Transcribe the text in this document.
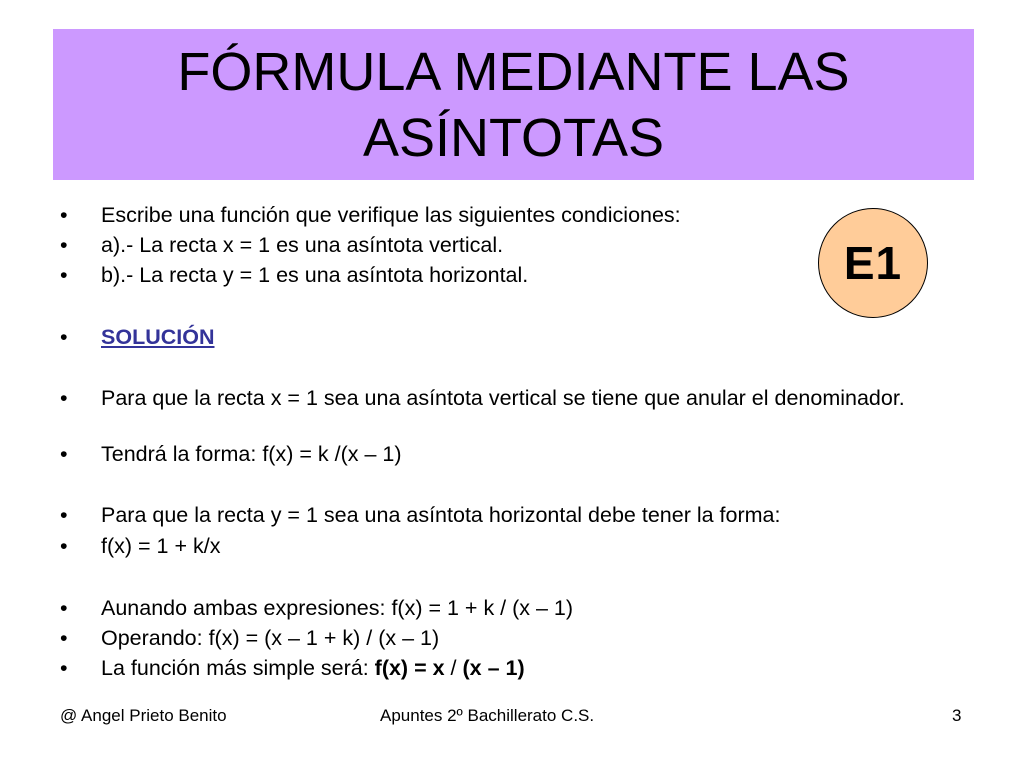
FÓRMULA MEDIANTE LAS ASÍNTOTAS
E1
•	Escribe una función que verifique las siguientes condiciones:
•	a).- La recta x = 1 es una asíntota vertical.
•	b).- La recta y = 1 es una asíntota horizontal.
•	SOLUCIÓN
•	Para que la recta x = 1 sea una asíntota vertical se tiene que anular el denominador.
•	Tendrá la forma: f(x) = k /(x – 1)
•	Para que la recta y = 1 sea una asíntota horizontal debe tener la forma:
•	f(x) = 1 + k/x
•	Aunando ambas expresiones: f(x) = 1 + k / (x – 1)
•	Operando: f(x) = (x – 1 + k) / (x – 1)
•	La función más simple será: f(x) = x / (x – 1)
@ Angel Prieto Benito	Apuntes 2º Bachillerato C.S.	3
